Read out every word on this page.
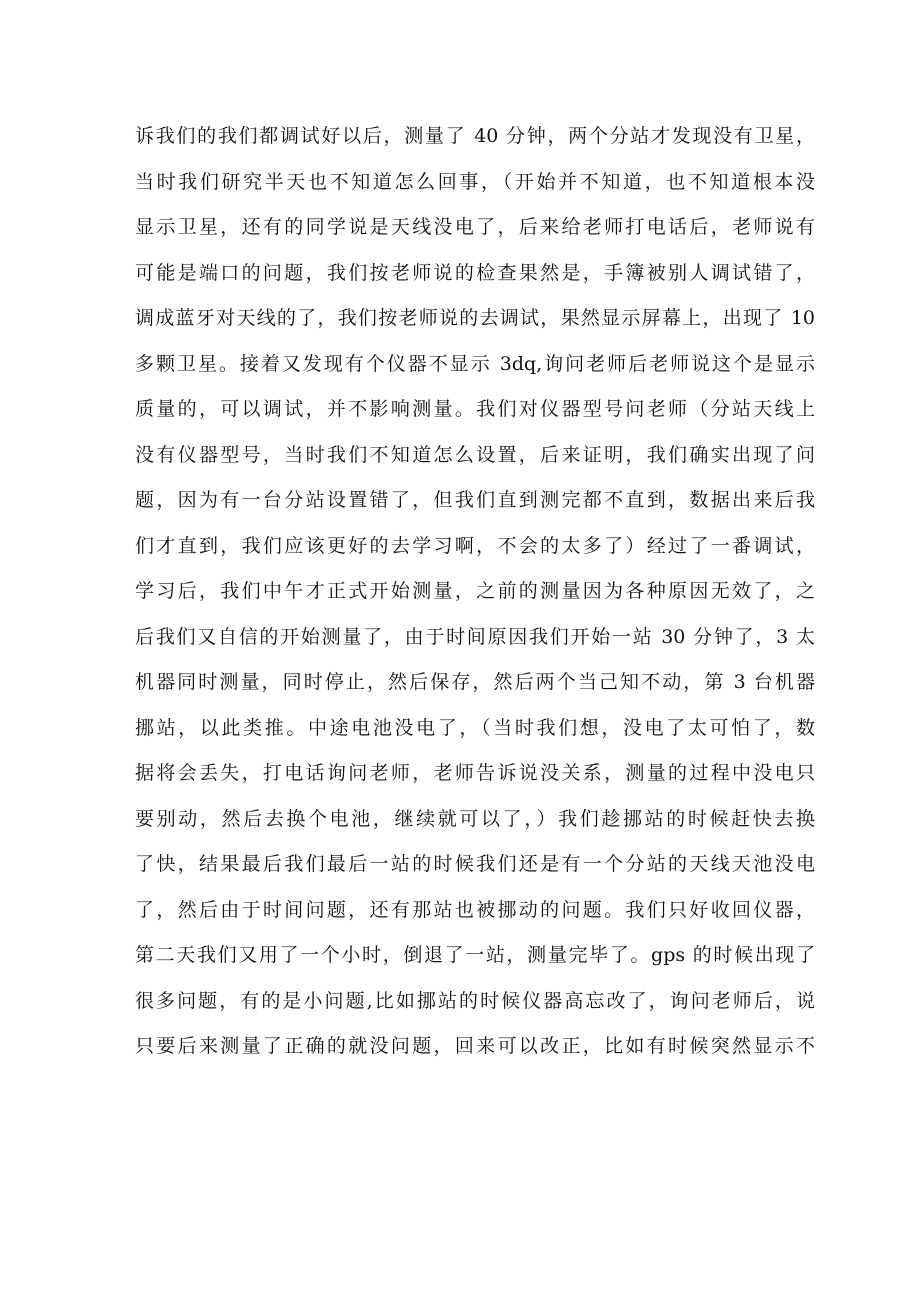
诉我们的我们都调试好以后，测量了 40 分钟，两个分站才发现没有卫星，
当时我们研究半天也不知道怎么回事，（开始并不知道，也不知道根本没
显示卫星，还有的同学说是天线没电了，后来给老师打电话后，老师说有
可能是端口的问题，我们按老师说的检查果然是，手簿被别人调试错了，
调成蓝牙对天线的了，我们按老师说的去调试，果然显示屏幕上，出现了 10
多颗卫星。接着又发现有个仪器不显示 3dq,询问老师后老师说这个是显示
质量的，可以调试，并不影响测量。我们对仪器型号问老师（分站天线上
没有仪器型号，当时我们不知道怎么设置，后来证明，我们确实出现了问
题，因为有一台分站设置错了，但我们直到测完都不直到，数据出来后我
们才直到，我们应该更好的去学习啊，不会的太多了）经过了一番调试，
学习后，我们中午才正式开始测量，之前的测量因为各种原因无效了，之
后我们又自信的开始测量了，由于时间原因我们开始一站 30 分钟了，3 太
机器同时测量，同时停止，然后保存，然后两个当己知不动，第 3 台机器
挪站，以此类推。中途电池没电了，（当时我们想，没电了太可怕了，数
据将会丢失，打电话询问老师，老师告诉说没关系，测量的过程中没电只
要别动，然后去换个电池，继续就可以了，）我们趁挪站的时候赶快去换
了快，结果最后我们最后一站的时候我们还是有一个分站的天线天池没电
了，然后由于时间问题，还有那站也被挪动的问题。我们只好收回仪器，
第二天我们又用了一个小时，倒退了一站，测量完毕了。gps 的时候出现了
很多问题，有的是小问题,比如挪站的时候仪器高忘改了，询问老师后，说
只要后来测量了正确的就没问题，回来可以改正，比如有时候突然显示不
